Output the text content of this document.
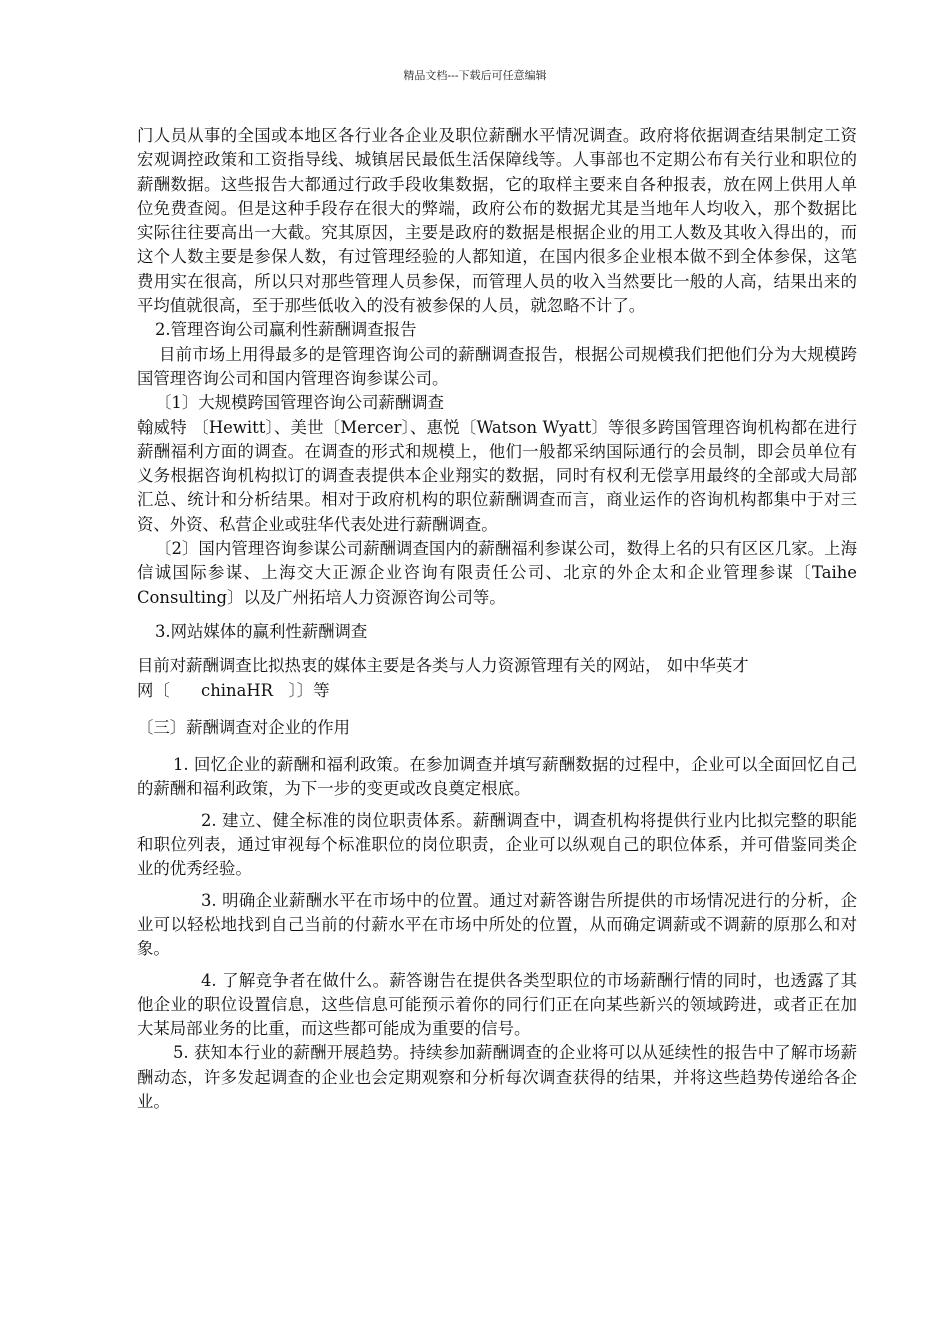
精品文档---下载后可任意编辑

门人员从事的全国或本地区各行业各企业及职位薪酬水平情况调查。政府将依据调查结果制定工资宏观调控政策和工资指导线、城镇居民最低生活保障线等。人事部也不定期公布有关行业和职位的薪酬数据。这些报告大都通过行政手段收集数据，它的取样主要来自各种报表，放在网上供用人单位免费查阅。但是这种手段存在很大的弊端，政府公布的数据尤其是当地年人均收入，那个数据比实际往往要高出一大截。究其原因，主要是政府的数据是根据企业的用工人数及其收入得出的，而这个人数主要是参保人数，有过管理经验的人都知道，在国内很多企业根本做不到全体参保，这笔费用实在很高，所以只对那些管理人员参保，而管理人员的收入当然要比一般的人高，结果出来的平均值就很高，至于那些低收入的没有被参保的人员，就忽略不计了。

2.管理咨询公司赢利性薪酬调查报告

目前市场上用得最多的是管理咨询公司的薪酬调查报告，根据公司规模我们把他们分为大规模跨国管理咨询公司和国内管理咨询参谋公司。

〔1〕大规模跨国管理咨询公司薪酬调查

翰威特 〔Hewitt〕、美世〔Mercer〕、惠悦〔Watson Wyatt〕等很多跨国管理咨询机构都在进行薪酬福利方面的调查。在调查的形式和规模上，他们一般都采纳国际通行的会员制，即会员单位有义务根据咨询机构拟订的调查表提供本企业翔实的数据，同时有权利无偿享用最终的全部或大局部汇总、统计和分析结果。相对于政府机构的职位薪酬调查而言，商业运作的咨询机构都集中于对三资、外资、私营企业或驻华代表处进行薪酬调查。

〔2〕国内管理咨询参谋公司薪酬调查国内的薪酬福利参谋公司，数得上名的只有区区几家。上海信诚国际参谋、上海交大正源企业咨询有限责任公司、北京的外企太和企业管理参谋〔Taihe Consulting〕以及广州拓培人力资源咨询公司等。

3.网站媒体的赢利性薪酬调查

目前对薪酬调查比拟热衷的媒体主要是各类与人力资源管理有关的网站， 如中华英才

网〔      chinaHR   〕〕等

〔三〕薪酬调查对企业的作用

1. 回忆企业的薪酬和福利政策。在参加调查并填写薪酬数据的过程中，企业可以全面回忆自己的薪酬和福利政策，为下一步的变更或改良奠定根底。

2. 建立、健全标准的岗位职责体系。薪酬调查中，调查机构将提供行业内比拟完整的职能和职位列表，通过审视每个标准职位的岗位职责，企业可以纵观自己的职位体系，并可借鉴同类企业的优秀经验。

3. 明确企业薪酬水平在市场中的位置。通过对薪答谢告所提供的市场情况进行的分析，企业可以轻松地找到自己当前的付薪水平在市场中所处的位置，从而确定调薪或不调薪的原那么和对象。

4. 了解竞争者在做什么。薪答谢告在提供各类型职位的市场薪酬行情的同时，也透露了其他企业的职位设置信息，这些信息可能预示着你的同行们正在向某些新兴的领域跨进，或者正在加大某局部业务的比重，而这些都可能成为重要的信号。

5. 获知本行业的薪酬开展趋势。持续参加薪酬调查的企业将可以从延续性的报告中了解市场薪酬动态，许多发起调查的企业也会定期观察和分析每次调查获得的结果，并将这些趋势传递给各企业。
